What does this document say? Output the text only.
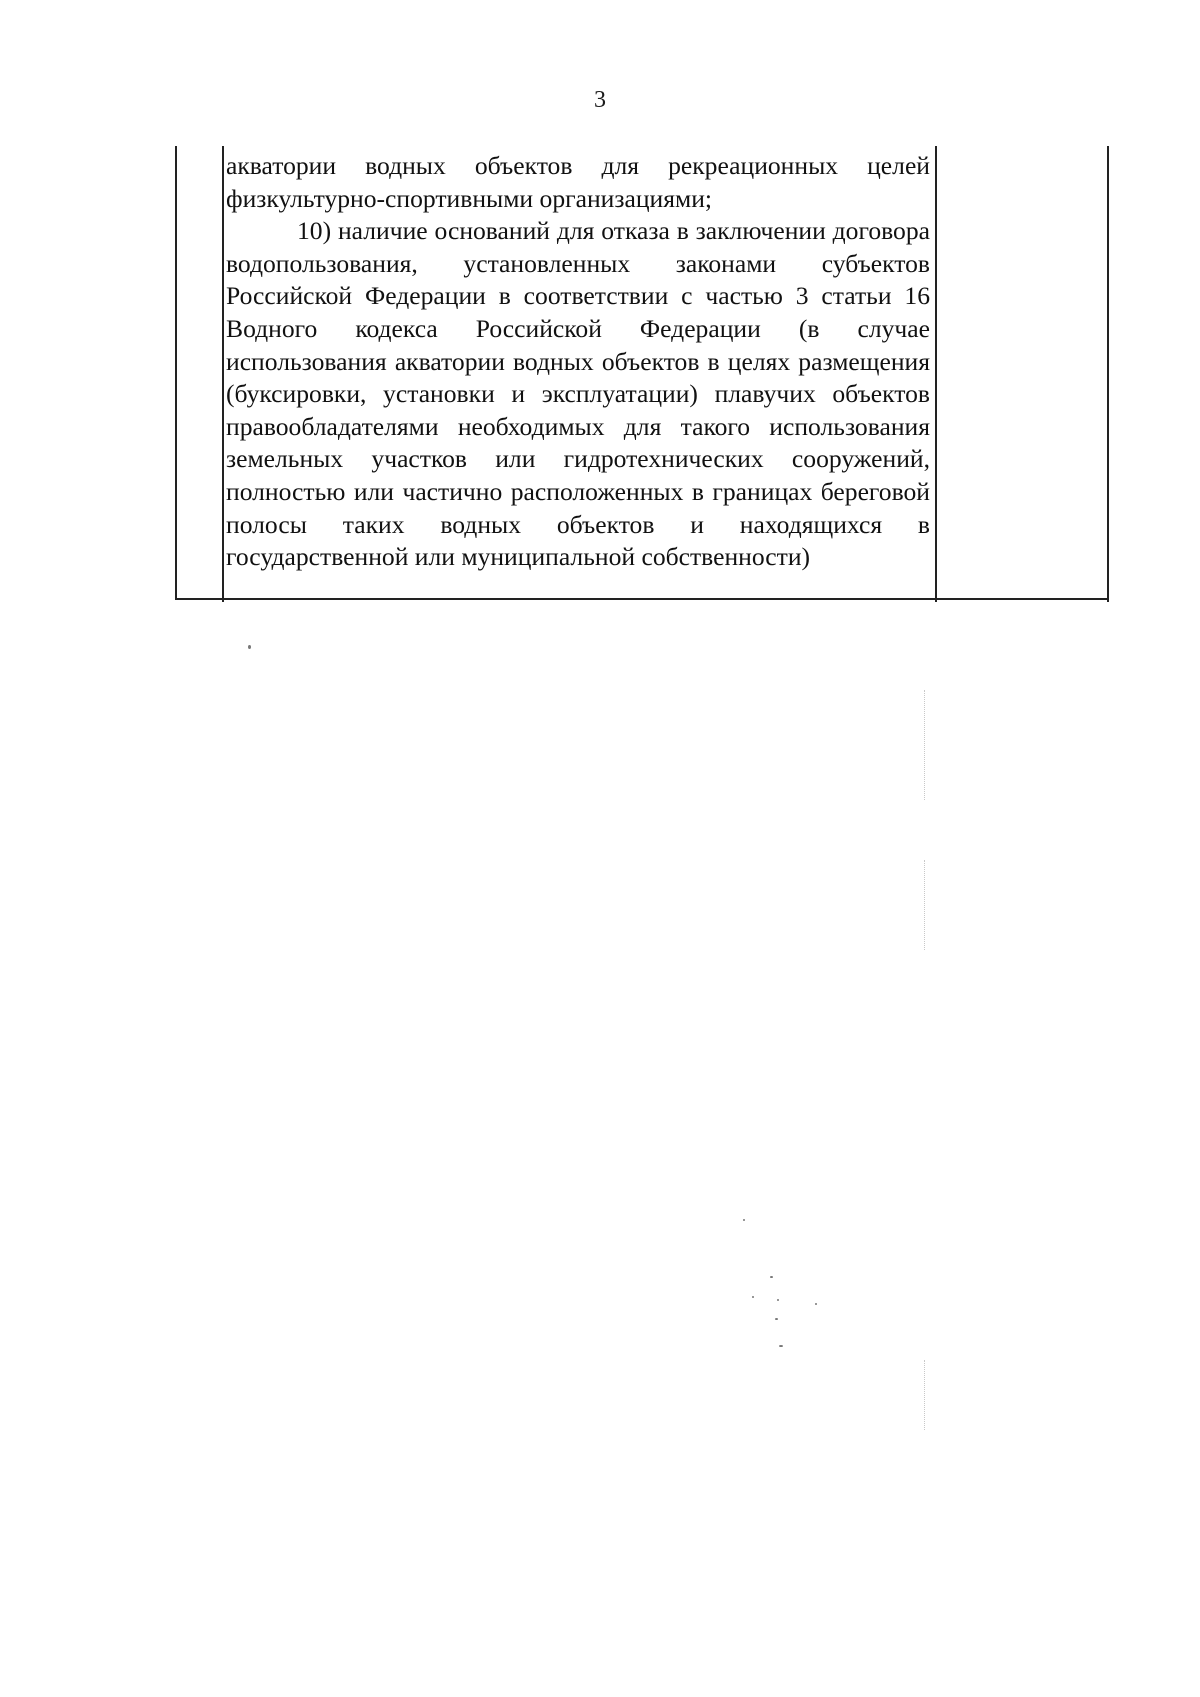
3

акватории водных объектов для рекреационных целей физкультурно-спортивными организациями;

10) наличие оснований для отказа в заключении договора водопользования, установленных законами субъектов Российской Федерации в соответствии с частью 3 статьи 16 Водного кодекса Российской Федерации (в случае использования акватории водных объектов в целях размещения (буксировки, установки и эксплуатации) плавучих объектов правообладателями необходимых для такого использования земельных участков или гидротехнических сооружений, полностью или частично расположенных в границах береговой полосы таких водных объектов и находящихся в государственной или муниципальной собственности)
